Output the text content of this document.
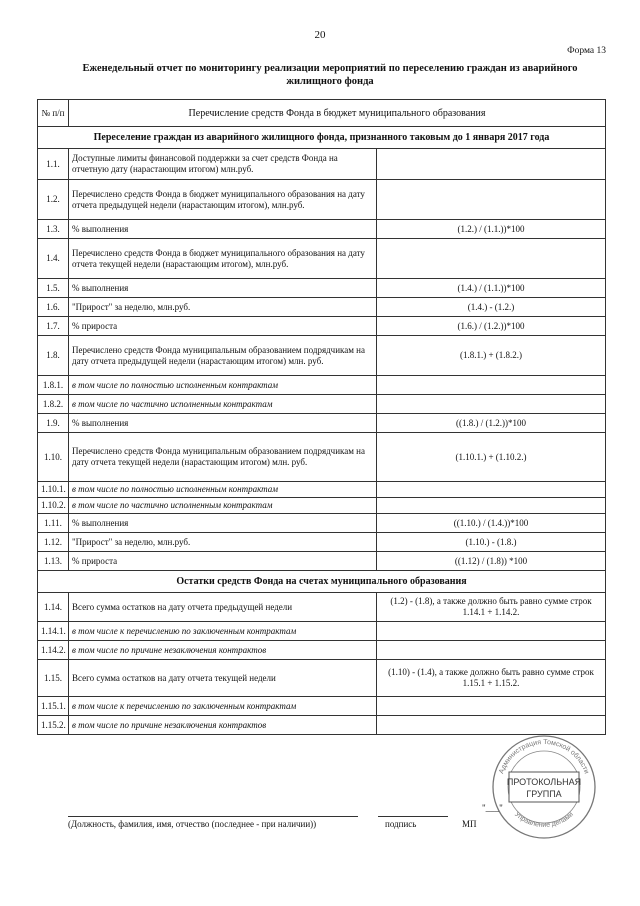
20
Форма 13
Еженедельный отчет по мониторингу реализации мероприятий по переселению граждан из аварийного жилищного фонда
№ п/п	Перечисление средств Фонда в бюджет муниципального образования	
Переселение граждан из аварийного жилищного фонда, признанного таковым до 1 января 2017 года		
1.1.	Доступные лимиты финансовой поддержки за счет средств Фонда на отчетную дату (нарастающим итогом) млн.руб.	
1.2.	Перечислено средств Фонда в бюджет муниципального образования на дату отчета предыдущей недели (нарастающим итогом), млн.руб.	
1.3.	% выполнения	(1.2.) / (1.1.))*100
1.4.	Перечислено средств Фонда в бюджет муниципального образования на дату отчета текущей недели (нарастающим итогом), млн.руб.	
1.5.	% выполнения	(1.4.) / (1.1.))*100
1.6.	"Прирост" за неделю, млн.руб.	(1.4.) - (1.2.)
1.7.	% прироста	(1.6.) / (1.2.))*100
1.8.	Перечислено средств Фонда муниципальным образованием подрядчикам на дату отчета предыдущей недели (нарастающим итогом) млн. руб.	(1.8.1.) + (1.8.2.)
1.8.1.	в том числе по полностью исполненным контрактам	
1.8.2.	в том числе по частично исполненным контрактам	
1.9.	% выполнения	((1.8.) / (1.2.))*100
1.10.	Перечислено средств Фонда муниципальным образованием подрядчикам на дату отчета текущей недели (нарастающим итогом) млн. руб.	(1.10.1.) + (1.10.2.)
1.10.1.	в том числе по полностью исполненным контрактам	
1.10.2.	в том числе по частично исполненным контрактам	
1.11.	% выполнения	((1.10.) / (1.4.))*100
1.12.	"Прирост" за неделю, млн.руб.	(1.10.) - (1.8.)
1.13.	% прироста	((1.12) / (1.8)) *100
Остатки средств Фонда на счетах муниципального образования		
1.14.	Всего сумма остатков на дату отчета предыдущей недели	(1.2) - (1.8), а также должно быть равно сумме строк 1.14.1 + 1.14.2.
1.14.1.	в том числе к перечислению по заключенным контрактам	
1.14.2.	в том числе по причине незаключения контрактов	
1.15.	Всего сумма остатков на дату отчета текущей недели	(1.10) - (1.4), а также должно быть равно сумме строк 1.15.1 + 1.15.2.
1.15.1.	в том числе к перечислению по заключенным контрактам	
1.15.2.	в том числе по причине незаключения контрактов	
(Должность, фамилия, имя, отчество (последнее - при наличии))	подпись	МП
"___"
Администрация Томской области
Управление делами
ПРОТОКОЛЬНАЯ
ГРУППА
